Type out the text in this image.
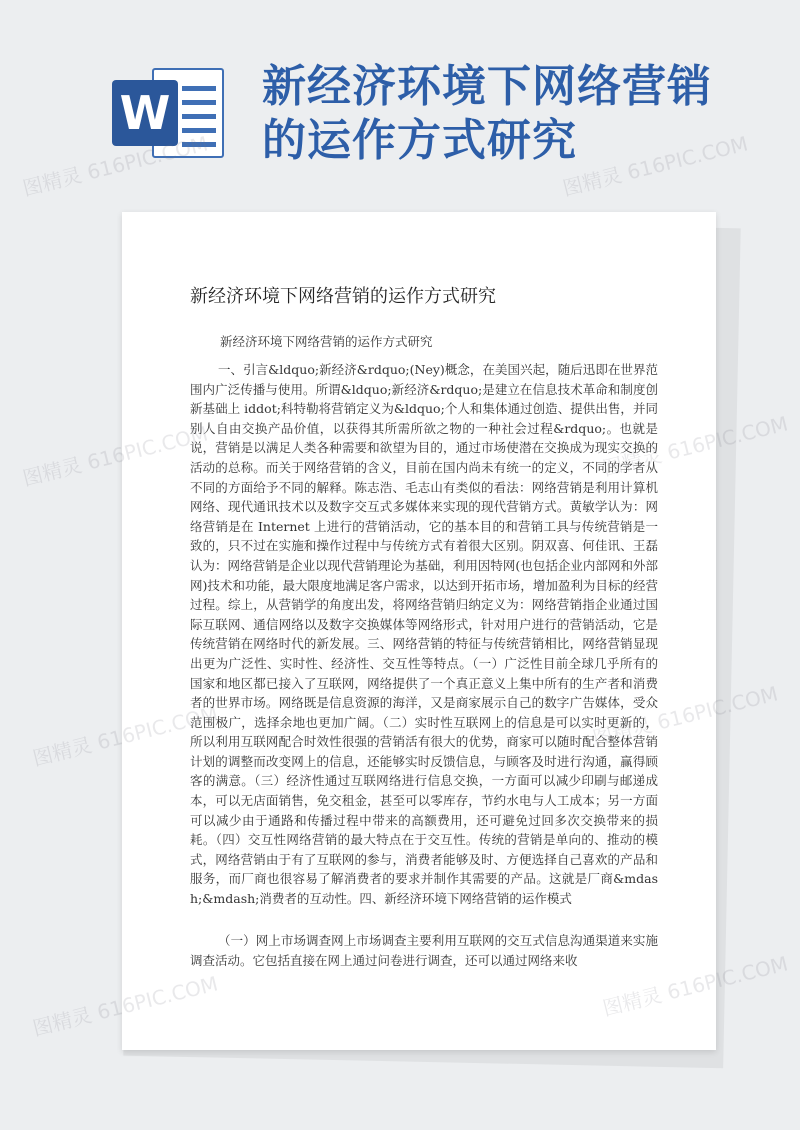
W 新经济环境下网络营销
的运作方式研究
新经济环境下网络营销的运作方式研究
新经济环境下网络营销的运作方式研究

一、引言&ldquo;新经济&rdquo;(Ney)概念，在美国兴起，随后迅即在世界范围内广泛传播与使用。所谓&ldquo;新经济&rdquo;是建立在信息技术革命和制度创新基础上 iddot;科特勒将营销定义为&ldquo;个人和集体通过创造、提供出售，并同别人自由交换产品价值，以获得其所需所欲之物的一种社会过程&rdquo;。也就是说，营销是以满足人类各种需要和欲望为目的，通过市场使潜在交换成为现实交换的活动的总称。而关于网络营销的含义，目前在国内尚未有统一的定义，不同的学者从不同的方面给予不同的解释。陈志浩、毛志山有类似的看法：网络营销是利用计算机网络、现代通讯技术以及数字交互式多媒体来实现的现代营销方式。黄敏学认为：网络营销是在 Internet 上进行的营销活动，它的基本目的和营销工具与传统营销是一致的，只不过在实施和操作过程中与传统方式有着很大区别。阴双喜、何佳讯、王磊认为：网络营销是企业以现代营销理论为基础，利用因特网(也包括企业内部网和外部网)技术和功能，最大限度地满足客户需求，以达到开拓市场，增加盈利为目标的经营过程。综上，从营销学的角度出发，将网络营销归纳定义为：网络营销指企业通过国际互联网、通信网络以及数字交换媒体等网络形式，针对用户进行的营销活动，它是传统营销在网络时代的新发展。三、网络营销的特征与传统营销相比，网络营销显现出更为广泛性、实时性、经济性、交互性等特点。（一）广泛性目前全球几乎所有的国家和地区都已接入了互联网，网络提供了一个真正意义上集中所有的生产者和消费者的世界市场。网络既是信息资源的海洋，又是商家展示自己的数字广告媒体，受众范围极广，选择余地也更加广阔。（二）实时性互联网上的信息是可以实时更新的，所以利用互联网配合时效性很强的营销活有很大的优势，商家可以随时配合整体营销计划的调整而改变网上的信息，还能够实时反馈信息，与顾客及时进行沟通，赢得顾客的满意。（三）经济性通过互联网络进行信息交换，一方面可以减少印刷与邮递成本，可以无店面销售，免交租金，甚至可以零库存，节约水电与人工成本；另一方面可以减少由于通路和传播过程中带来的高额费用，还可避免过回多次交换带来的损耗。（四）交互性网络营销的最大特点在于交互性。传统的营销是单向的、推动的模式，网络营销由于有了互联网的参与，消费者能够及时、方便选择自己喜欢的产品和服务，而厂商也很容易了解消费者的要求并制作其需要的产品。这就是厂商&mdash;&mdash;消费者的互动性。四、新经济环境下网络营销的运作模式

（一）网上市场调查网上市场调查主要利用互联网的交互式信息沟通渠道来实施调查活动。它包括直接在网上通过问卷进行调查，还可以通过网络来收

图精灵 616PIC.COM	图精灵 616PIC.COM
图精灵 616PIC.COM
图精灵
图精灵
616PIC.COM
